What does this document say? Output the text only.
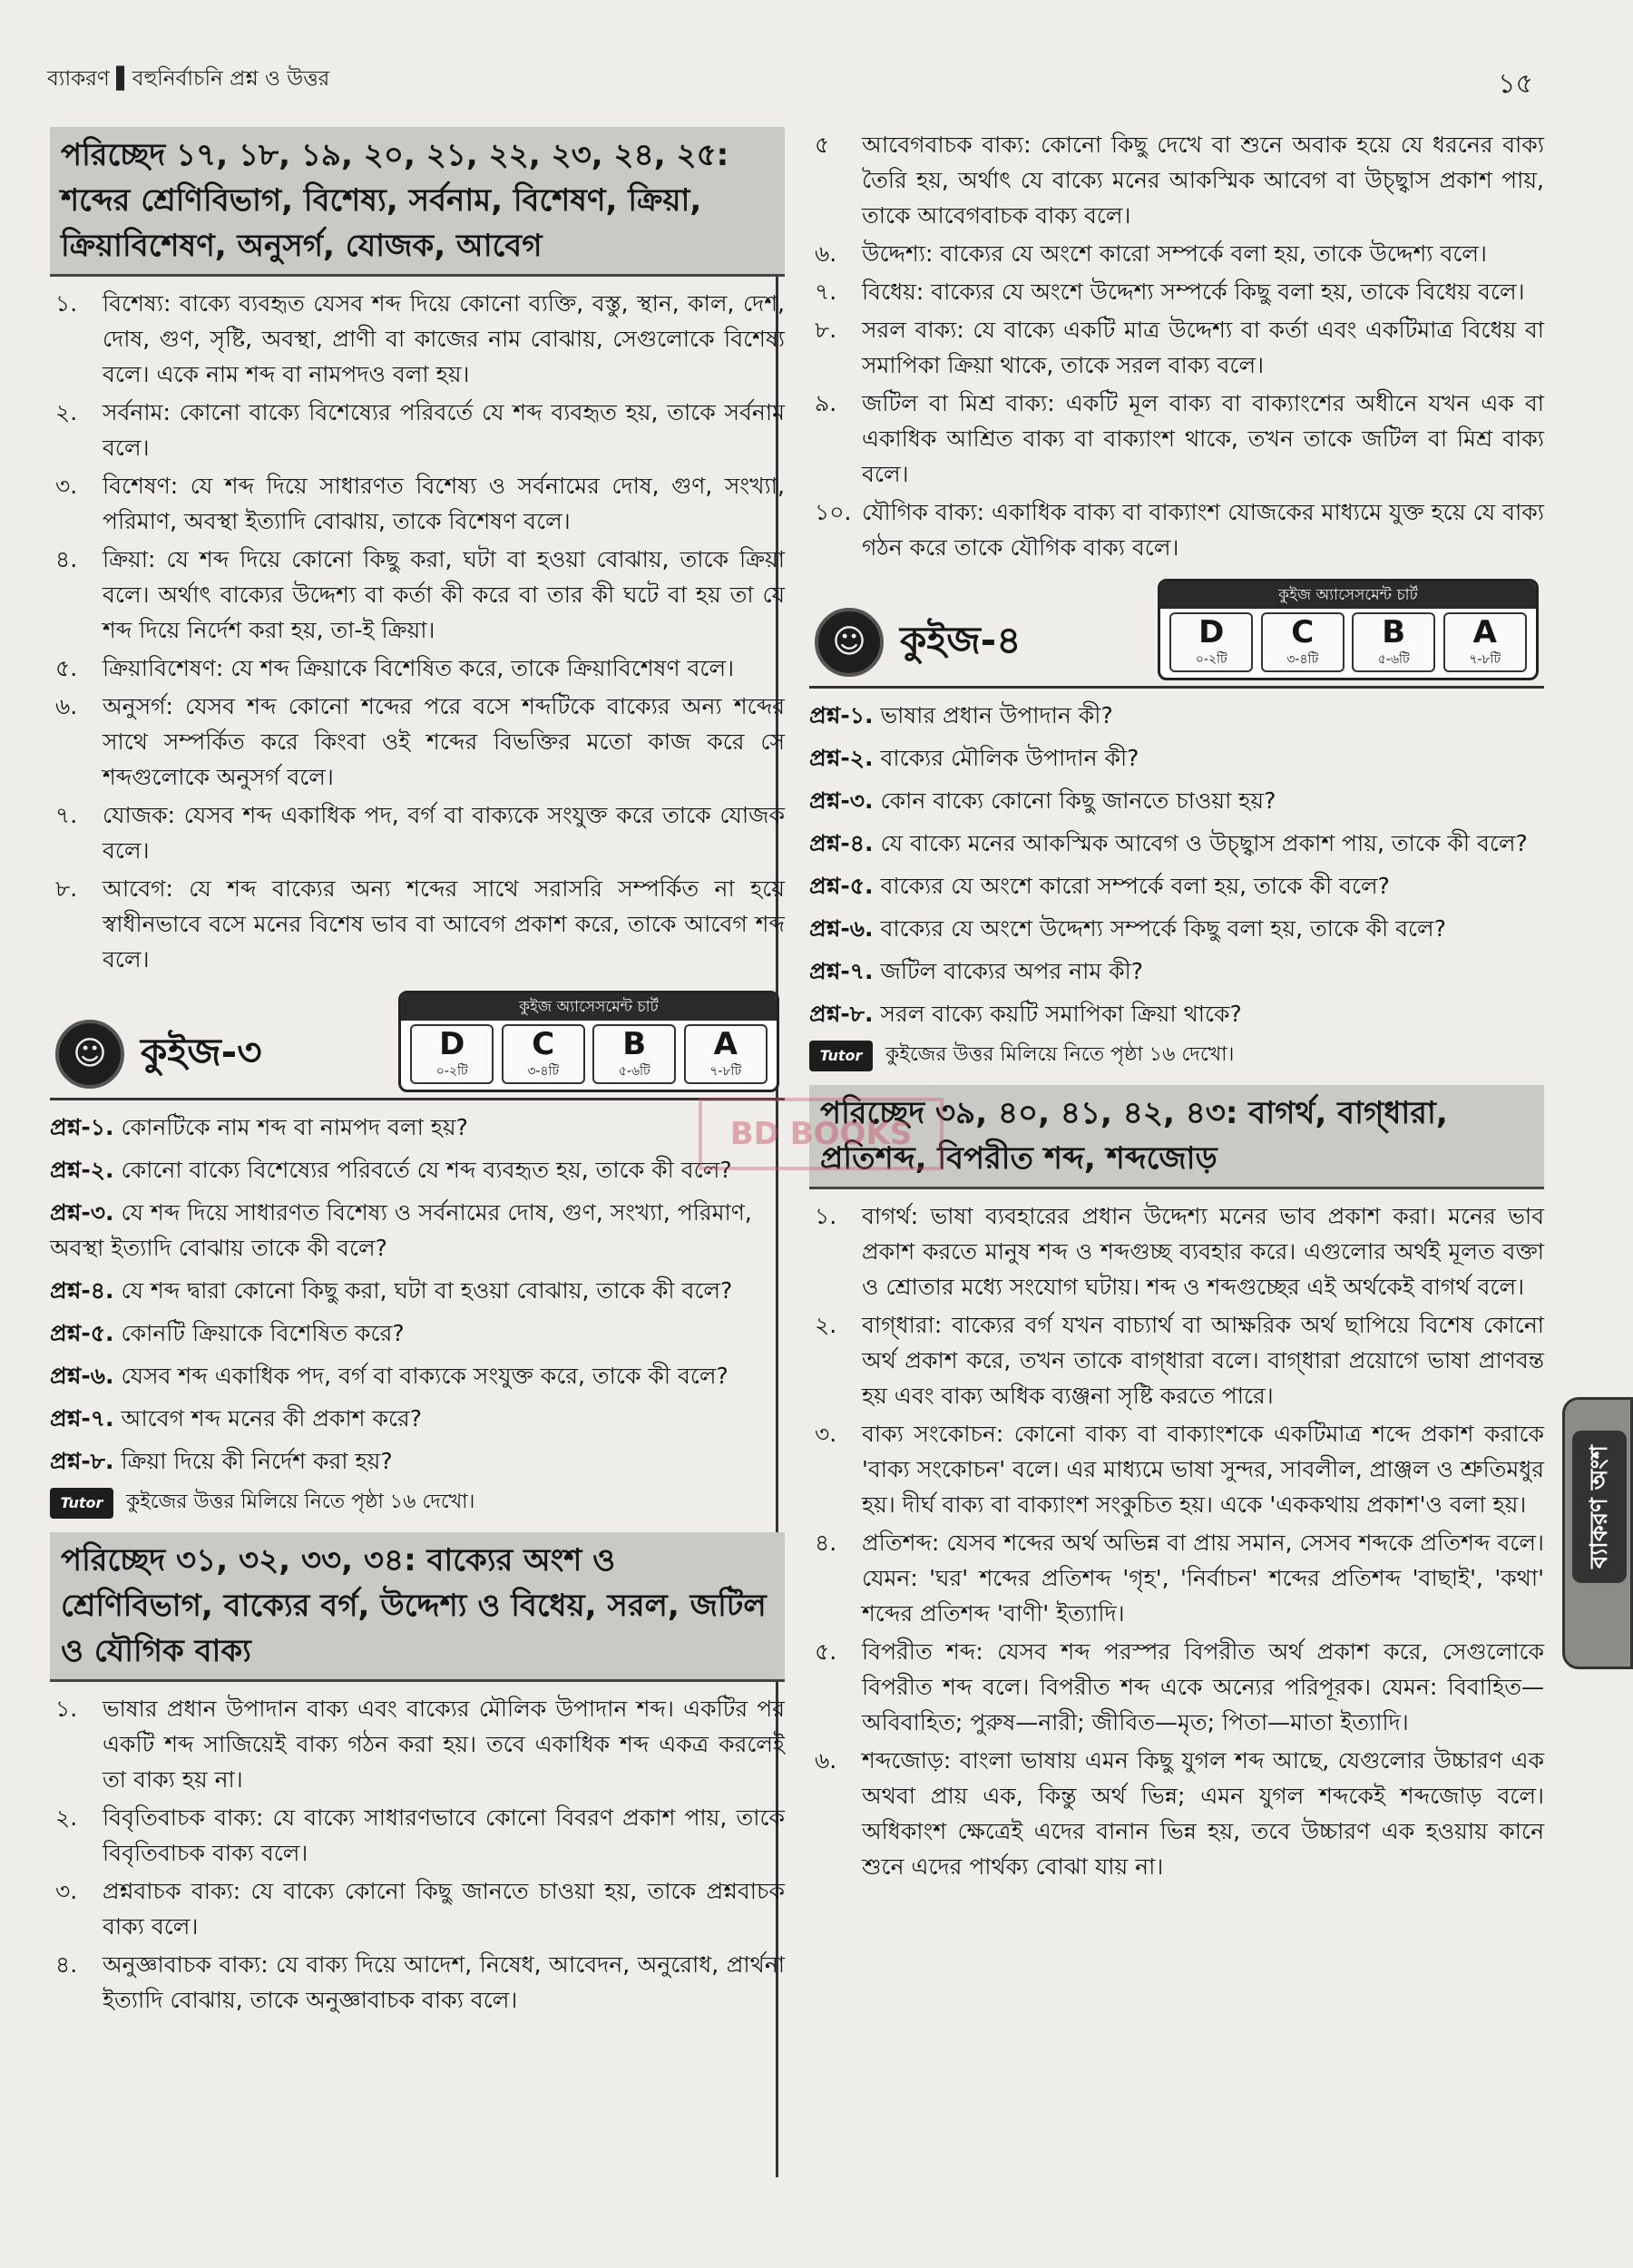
ব্যাকরণ ▌বহুনির্বাচনি প্রশ্ন ও উত্তর	১৫
পরিচ্ছেদ ১৭, ১৮, ১৯, ২০, ২১, ২২, ২৩, ২৪, ২৫: শব্দের শ্রেণিবিভাগ, বিশেষ্য, সর্বনাম, বিশেষণ, ক্রিয়া, ক্রিয়াবিশেষণ, অনুসর্গ, যোজক, আবেগ
১.	বিশেষ্য: বাক্যে ব্যবহৃত যেসব শব্দ দিয়ে কোনো ব্যক্তি, বস্তু, স্থান, কাল, দেশ, দোষ, গুণ, সৃষ্টি, অবস্থা, প্রাণী বা কাজের নাম বোঝায়, সেগুলোকে বিশেষ্য বলে। একে নাম শব্দ বা নামপদও বলা হয়।
২.	সর্বনাম: কোনো বাক্যে বিশেষ্যের পরিবর্তে যে শব্দ ব্যবহৃত হয়, তাকে সর্বনাম বলে।
৩.	বিশেষণ: যে শব্দ দিয়ে সাধারণত বিশেষ্য ও সর্বনামের দোষ, গুণ, সংখ্যা, পরিমাণ, অবস্থা ইত্যাদি বোঝায়, তাকে বিশেষণ বলে।
৪.	ক্রিয়া: যে শব্দ দিয়ে কোনো কিছু করা, ঘটা বা হওয়া বোঝায়, তাকে ক্রিয়া বলে। অর্থাৎ বাক্যের উদ্দেশ্য বা কর্তা কী করে বা তার কী ঘটে বা হয় তা যে শব্দ দিয়ে নির্দেশ করা হয়, তা-ই ক্রিয়া।
৫.	ক্রিয়াবিশেষণ: যে শব্দ ক্রিয়াকে বিশেষিত করে, তাকে ক্রিয়াবিশেষণ বলে।
৬.	অনুসর্গ: যেসব শব্দ কোনো শব্দের পরে বসে শব্দটিকে বাক্যের অন্য শব্দের সাথে সম্পর্কিত করে কিংবা ওই শব্দের বিভক্তির মতো কাজ করে সে শব্দগুলোকে অনুসর্গ বলে।
৭.	যোজক: যেসব শব্দ একাধিক পদ, বর্গ বা বাক্যকে সংযুক্ত করে তাকে যোজক বলে।
৮.	আবেগ: যে শব্দ বাক্যের অন্য শব্দের সাথে সরাসরি সম্পর্কিত না হয়ে স্বাধীনভাবে বসে মনের বিশেষ ভাব বা আবেগ প্রকাশ করে, তাকে আবেগ শব্দ বলে।
☺ কুইজ-৩
কুইজ অ্যাসেসমেন্ট চার্ট
D
০-২টি
C
৩-৪টি
B
৫-৬টি
A
৭-৮টি
প্রশ্ন-১. কোনটিকে নাম শব্দ বা নামপদ বলা হয়?
প্রশ্ন-২. কোনো বাক্যে বিশেষ্যের পরিবর্তে যে শব্দ ব্যবহৃত হয়, তাকে কী বলে?
প্রশ্ন-৩. যে শব্দ দিয়ে সাধারণত বিশেষ্য ও সর্বনামের দোষ, গুণ, সংখ্যা, পরিমাণ, অবস্থা ইত্যাদি বোঝায় তাকে কী বলে?
প্রশ্ন-৪. যে শব্দ দ্বারা কোনো কিছু করা, ঘটা বা হওয়া বোঝায়, তাকে কী বলে?
প্রশ্ন-৫. কোনটি ক্রিয়াকে বিশেষিত করে?
প্রশ্ন-৬. যেসব শব্দ একাধিক পদ, বর্গ বা বাক্যকে সংযুক্ত করে, তাকে কী বলে?
প্রশ্ন-৭. আবেগ শব্দ মনের কী প্রকাশ করে?
প্রশ্ন-৮. ক্রিয়া দিয়ে কী নির্দেশ করা হয়?
Tutor	কুইজের উত্তর মিলিয়ে নিতে পৃষ্ঠা ১৬ দেখো।
পরিচ্ছেদ ৩১, ৩২, ৩৩, ৩৪: বাক্যের অংশ ও শ্রেণিবিভাগ, বাক্যের বর্গ, উদ্দেশ্য ও বিধেয়, সরল, জটিল ও যৌগিক বাক্য
১.	ভাষার প্রধান উপাদান বাক্য এবং বাক্যের মৌলিক উপাদান শব্দ। একটির পর একটি শব্দ সাজিয়েই বাক্য গঠন করা হয়। তবে একাধিক শব্দ একত্র করলেই তা বাক্য হয় না।
২.	বিবৃতিবাচক বাক্য: যে বাক্যে সাধারণভাবে কোনো বিবরণ প্রকাশ পায়, তাকে বিবৃতিবাচক বাক্য বলে।
৩.	প্রশ্নবাচক বাক্য: যে বাক্যে কোনো কিছু জানতে চাওয়া হয়, তাকে প্রশ্নবাচক বাক্য বলে।
৪.	অনুজ্ঞাবাচক বাক্য: যে বাক্য দিয়ে আদেশ, নিষেধ, আবেদন, অনুরোধ, প্রার্থনা ইত্যাদি বোঝায়, তাকে অনুজ্ঞাবাচক বাক্য বলে।
৫	আবেগবাচক বাক্য: কোনো কিছু দেখে বা শুনে অবাক হয়ে যে ধরনের বাক্য তৈরি হয়, অর্থাৎ যে বাক্যে মনের আকস্মিক আবেগ বা উচ্ছ্বাস প্রকাশ পায়, তাকে আবেগবাচক বাক্য বলে।
৬.	উদ্দেশ্য: বাক্যের যে অংশে কারো সম্পর্কে বলা হয়, তাকে উদ্দেশ্য বলে।
৭.	বিধেয়: বাক্যের যে অংশে উদ্দেশ্য সম্পর্কে কিছু বলা হয়, তাকে বিধেয় বলে।
৮.	সরল বাক্য: যে বাক্যে একটি মাত্র উদ্দেশ্য বা কর্তা এবং একটিমাত্র বিধেয় বা সমাপিকা ক্রিয়া থাকে, তাকে সরল বাক্য বলে।
৯.	জটিল বা মিশ্র বাক্য: একটি মূল বাক্য বা বাক্যাংশের অধীনে যখন এক বা একাধিক আশ্রিত বাক্য বা বাক্যাংশ থাকে, তখন তাকে জটিল বা মিশ্র বাক্য বলে।
১০. যৌগিক বাক্য: একাধিক বাক্য বা বাক্যাংশ যোজকের মাধ্যমে যুক্ত হয়ে যে বাক্য গঠন করে তাকে যৌগিক বাক্য বলে।
☺ কুইজ-৪
কুইজ অ্যাসেসমেন্ট চার্ট
D
০-২টি
C
৩-৪টি
B
৫-৬টি
A
৭-৮টি
প্রশ্ন-১. ভাষার প্রধান উপাদান কী?
প্রশ্ন-২. বাক্যের মৌলিক উপাদান কী?
প্রশ্ন-৩. কোন বাক্যে কোনো কিছু জানতে চাওয়া হয়?
প্রশ্ন-৪. যে বাক্যে মনের আকস্মিক আবেগ ও উচ্ছ্বাস প্রকাশ পায়, তাকে কী বলে?
প্রশ্ন-৫. বাক্যের যে অংশে কারো সম্পর্কে বলা হয়, তাকে কী বলে?
প্রশ্ন-৬. বাক্যের যে অংশে উদ্দেশ্য সম্পর্কে কিছু বলা হয়, তাকে কী বলে?
প্রশ্ন-৭. জটিল বাক্যের অপর নাম কী?
প্রশ্ন-৮. সরল বাক্যে কয়টি সমাপিকা ক্রিয়া থাকে?
Tutor	কুইজের উত্তর মিলিয়ে নিতে পৃষ্ঠা ১৬ দেখো।
পরিচ্ছেদ ৩৯, ৪০, ৪১, ৪২, ৪৩: বাগর্থ, বাগ্‌ধারা, প্রতিশব্দ, বিপরীত শব্দ, শব্দজোড়
১.	বাগর্থ: ভাষা ব্যবহারের প্রধান উদ্দেশ্য মনের ভাব প্রকাশ করা। মনের ভাব প্রকাশ করতে মানুষ শব্দ ও শব্দগুচ্ছ ব্যবহার করে। এগুলোর অর্থই মূলত বক্তা ও শ্রোতার মধ্যে সংযোগ ঘটায়। শব্দ ও শব্দগুচ্ছের এই অর্থকেই বাগর্থ বলে।
২.	বাগ্‌ধারা: বাক্যের বর্গ যখন বাচ্যার্থ বা আক্ষরিক অর্থ ছাপিয়ে বিশেষ কোনো অর্থ প্রকাশ করে, তখন তাকে বাগ্‌ধারা বলে। বাগ্‌ধারা প্রয়োগে ভাষা প্রাণবন্ত হয় এবং বাক্য অধিক ব্যঞ্জনা সৃষ্টি করতে পারে।
৩.	বাক্য সংকোচন: কোনো বাক্য বা বাক্যাংশকে একটিমাত্র শব্দে প্রকাশ করাকে 'বাক্য সংকোচন' বলে। এর মাধ্যমে ভাষা সুন্দর, সাবলীল, প্রাঞ্জল ও শ্রুতিমধুর হয়। দীর্ঘ বাক্য বা বাক্যাংশ সংকুচিত হয়। একে 'এককথায় প্রকাশ'ও বলা হয়।
৪.	প্রতিশব্দ: যেসব শব্দের অর্থ অভিন্ন বা প্রায় সমান, সেসব শব্দকে প্রতিশব্দ বলে। যেমন: 'ঘর' শব্দের প্রতিশব্দ 'গৃহ', 'নির্বাচন' শব্দের প্রতিশব্দ 'বাছাই', 'কথা' শব্দের প্রতিশব্দ 'বাণী' ইত্যাদি।
৫.	বিপরীত শব্দ: যেসব শব্দ পরস্পর বিপরীত অর্থ প্রকাশ করে, সেগুলোকে বিপরীত শব্দ বলে। বিপরীত শব্দ একে অন্যের পরিপূরক। যেমন: বিবাহিত—অবিবাহিত; পুরুষ—নারী; জীবিত—মৃত; পিতা—মাতা ইত্যাদি।
৬.	শব্দজোড়: বাংলা ভাষায় এমন কিছু যুগল শব্দ আছে, যেগুলোর উচ্চারণ এক অথবা প্রায় এক, কিন্তু অর্থ ভিন্ন; এমন যুগল শব্দকেই শব্দজোড় বলে। অধিকাংশ ক্ষেত্রেই এদের বানান ভিন্ন হয়, তবে উচ্চারণ এক হওয়ায় কানে শুনে এদের পার্থক্য বোঝা যায় না।
ব্যাকরণ অংশ
BD BOOKS
